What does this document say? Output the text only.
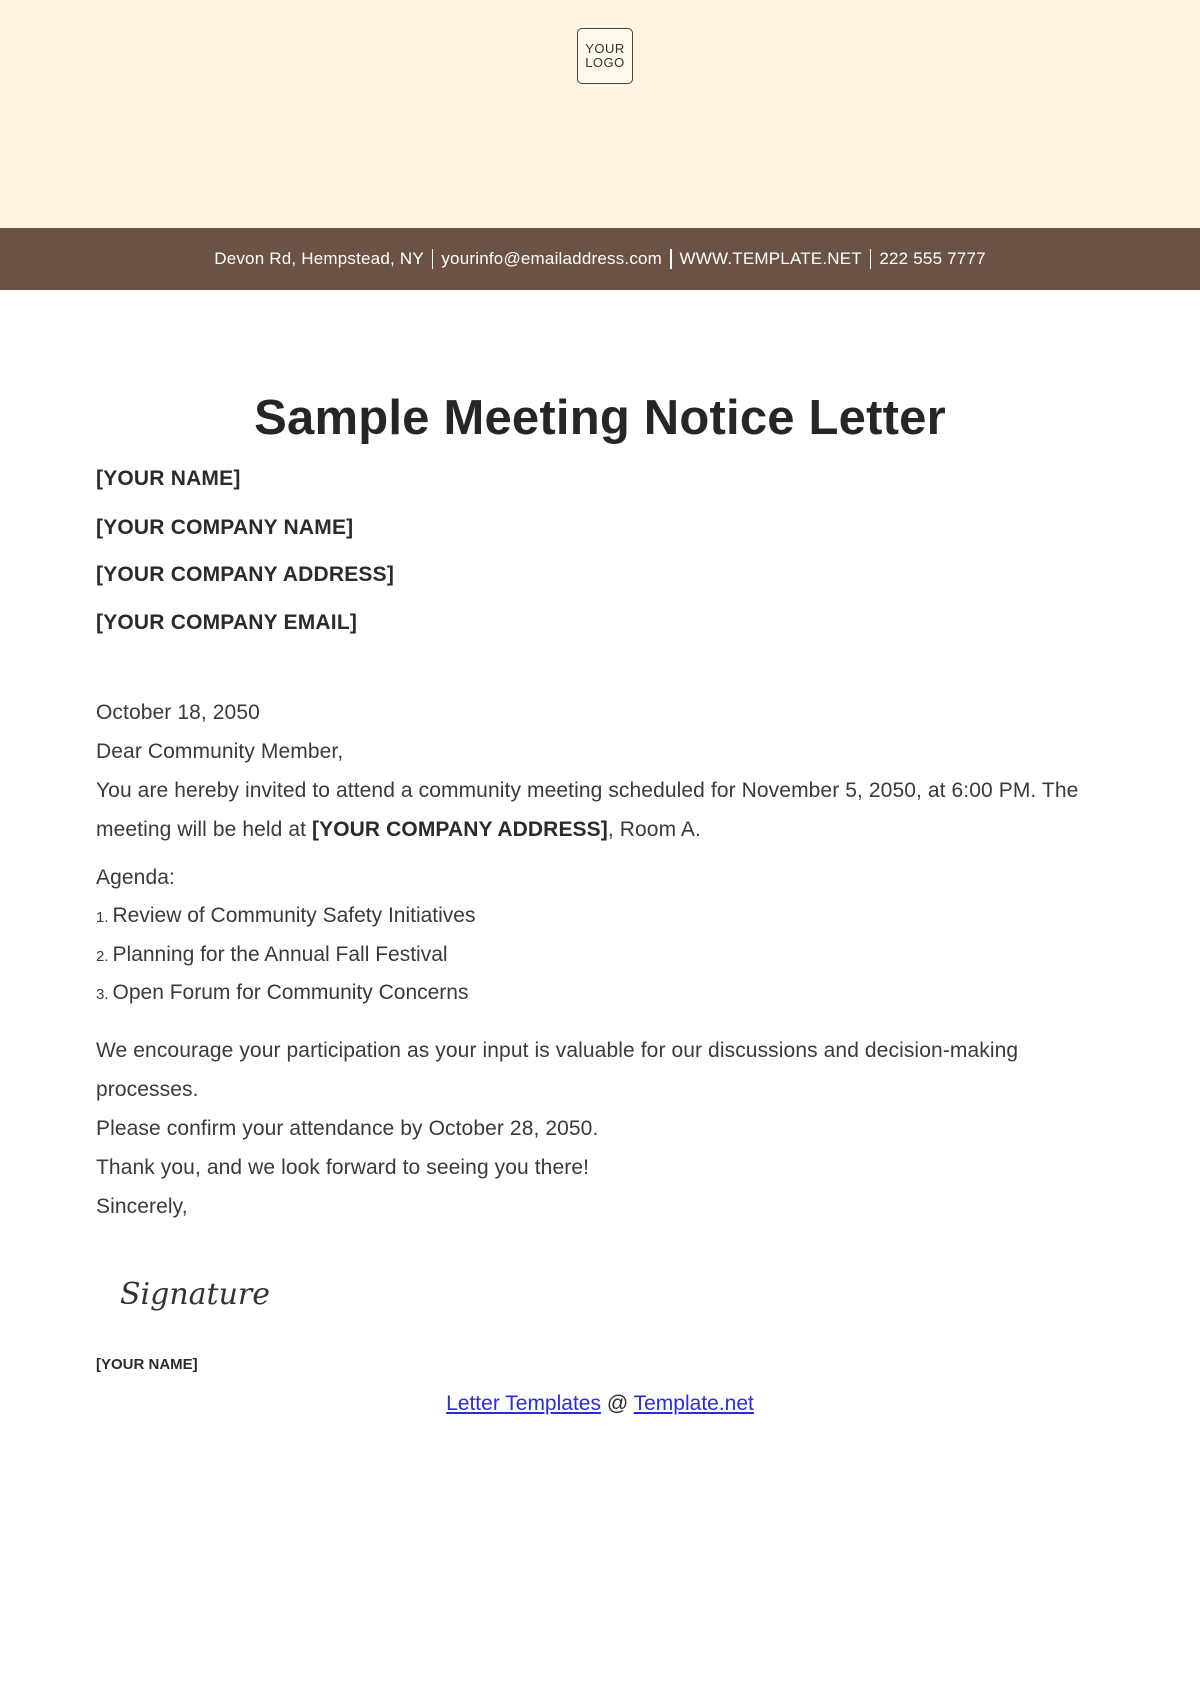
YOUR
LOGO
Devon Rd, Hempstead, NY yourinfo@emailaddress.com WWW.TEMPLATE.NET 222 555 7777
Sample Meeting Notice Letter
[YOUR NAME]
[YOUR COMPANY NAME]
[YOUR COMPANY ADDRESS]
[YOUR COMPANY EMAIL]
October 18, 2050
Dear Community Member,
You are hereby invited to attend a community meeting scheduled for November 5, 2050, at 6:00 PM. The meeting will be held at [YOUR COMPANY ADDRESS], Room A.
Agenda:
1. Review of Community Safety Initiatives
2. Planning for the Annual Fall Festival
3. Open Forum for Community Concerns
We encourage your participation as your input is valuable for our discussions and decision-making processes.
Please confirm your attendance by October 28, 2050.
Thank you, and we look forward to seeing you there!
Sincerely,
Signature
[YOUR NAME]
Letter Templates @ Template.net
